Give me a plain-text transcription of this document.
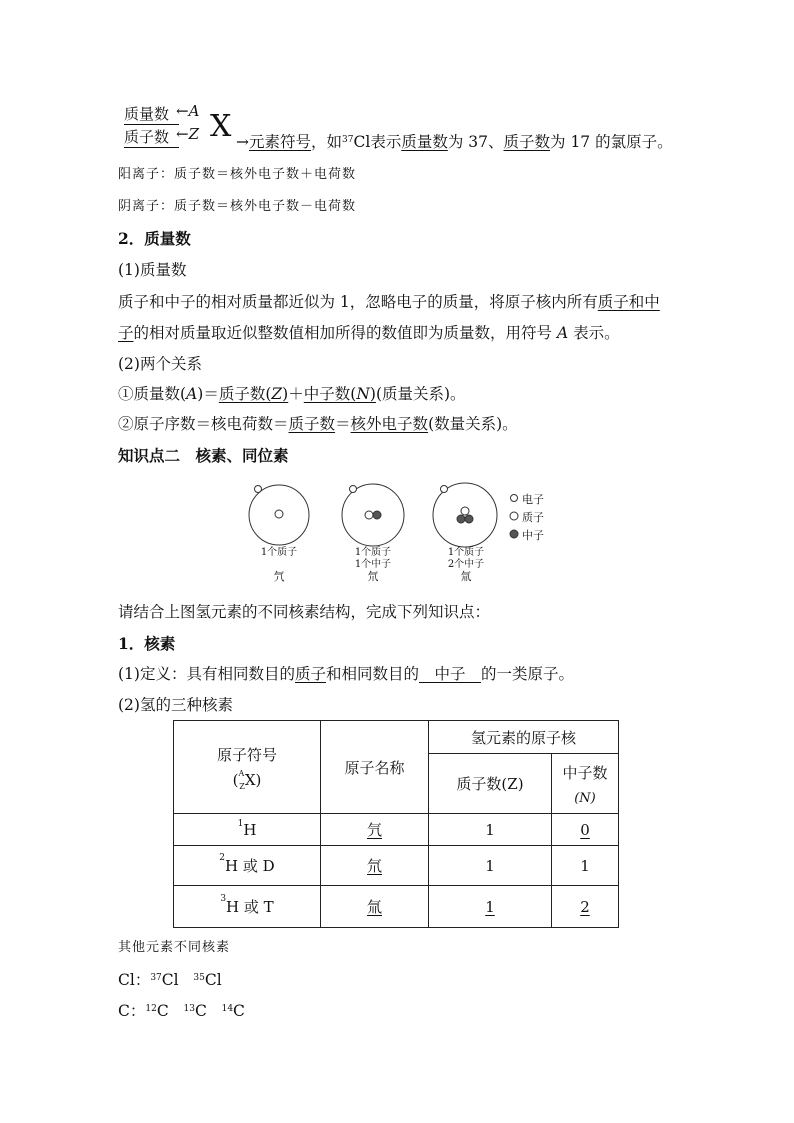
质量数 ←A
质子数 ←Z X →元素符号，如$^{37}$Cl表示质量数为 37、质子数为 17 的氯原子。
阳离子：质子数＝核外电子数＋电荷数
阴离子：质子数＝核外电子数－电荷数
2．质量数
(1)质量数
质子和中子的相对质量都近似为 1，忽略电子的质量，将原子核内所有质子和中
子的相对质量取近似整数值相加所得的数值即为质量数，用符号 A 表示。
(2)两个关系
①质量数(A)＝质子数(Z)＋中子数(N)(质量关系)。
②原子序数＝核电荷数＝质子数＝核外电子数(数量关系)。
知识点二　核素、同位素
电子
质子
中子
1个质子
氕
1个质子
1个中子
氘
1个质子
2个中子
氚
请结合上图氢元素的不同核素结构，完成下列知识点：
1．核素
(1)定义：具有相同数目的质子和相同数目的　中子　的一类原子。
(2)氢的三种核素
原子符号
($^A_Z$X)	原子名称	氢元素的原子核	
		质子数(Z)	中子数
(N)

$^1$H	氕	1	0
$^2$H 或 D	氘	1	1
$^3$H 或 T	氚	1	2
其他元素不同核素
Cl：$^{37}$Cl $^{35}$Cl
C：$^{12}$C $^{13}$C $^{14}$C
